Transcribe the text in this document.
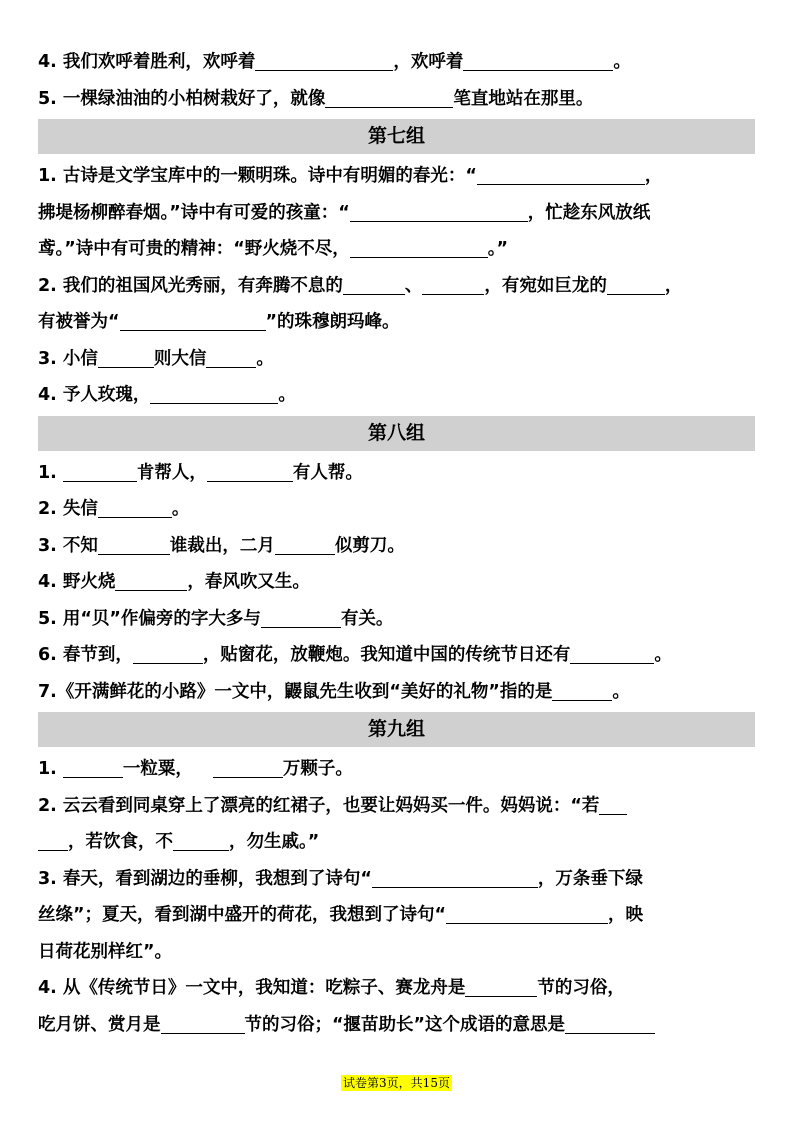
4. 我们欢呼着胜利，欢呼着	，欢呼着	。
5. 一棵绿油油的小柏树栽好了，就像	笔直地站在那里。
第七组
1. 古诗是文学宝库中的一颗明珠。诗中有明媚的春光：“	，
拂堤杨柳醉春烟。”诗中有可爱的孩童：“	，忙趁东风放纸
鸢。”诗中有可贵的精神：“野火烧不尽，	。”
2. 我们的祖国风光秀丽，有奔腾不息的	、	，有宛如巨龙的	，
有被誉为“	”的珠穆朗玛峰。
3. 小信	则大信	。
4. 予人玫瑰，	。
第八组
1.	肯帮人，	有人帮。
2. 失信	。
3. 不知	谁裁出，二月	似剪刀。
4. 野火烧	，春风吹又生。
5. 用“贝”作偏旁的字大多与	有关。
6. 春节到，	，贴窗花，放鞭炮。我知道中国的传统节日还有	。
7.《开满鲜花的小路》一文中，鼹鼠先生收到“美好的礼物”指的是	。
第九组
1.	一粒粟，	万颗子。
2. 云云看到同桌穿上了漂亮的红裙子，也要让妈妈买一件。妈妈说：“若
，若饮食，不	，勿生戚。”
3. 春天，看到湖边的垂柳，我想到了诗句“	，万条垂下绿
丝绦”；夏天，看到湖中盛开的荷花，我想到了诗句“	，映
日荷花别样红”。
4. 从《传统节日》一文中，我知道：吃粽子、赛龙舟是	节的习俗，
吃月饼、赏月是	节的习俗；“揠苗助长”这个成语的意思是
试卷第3页，共15页
